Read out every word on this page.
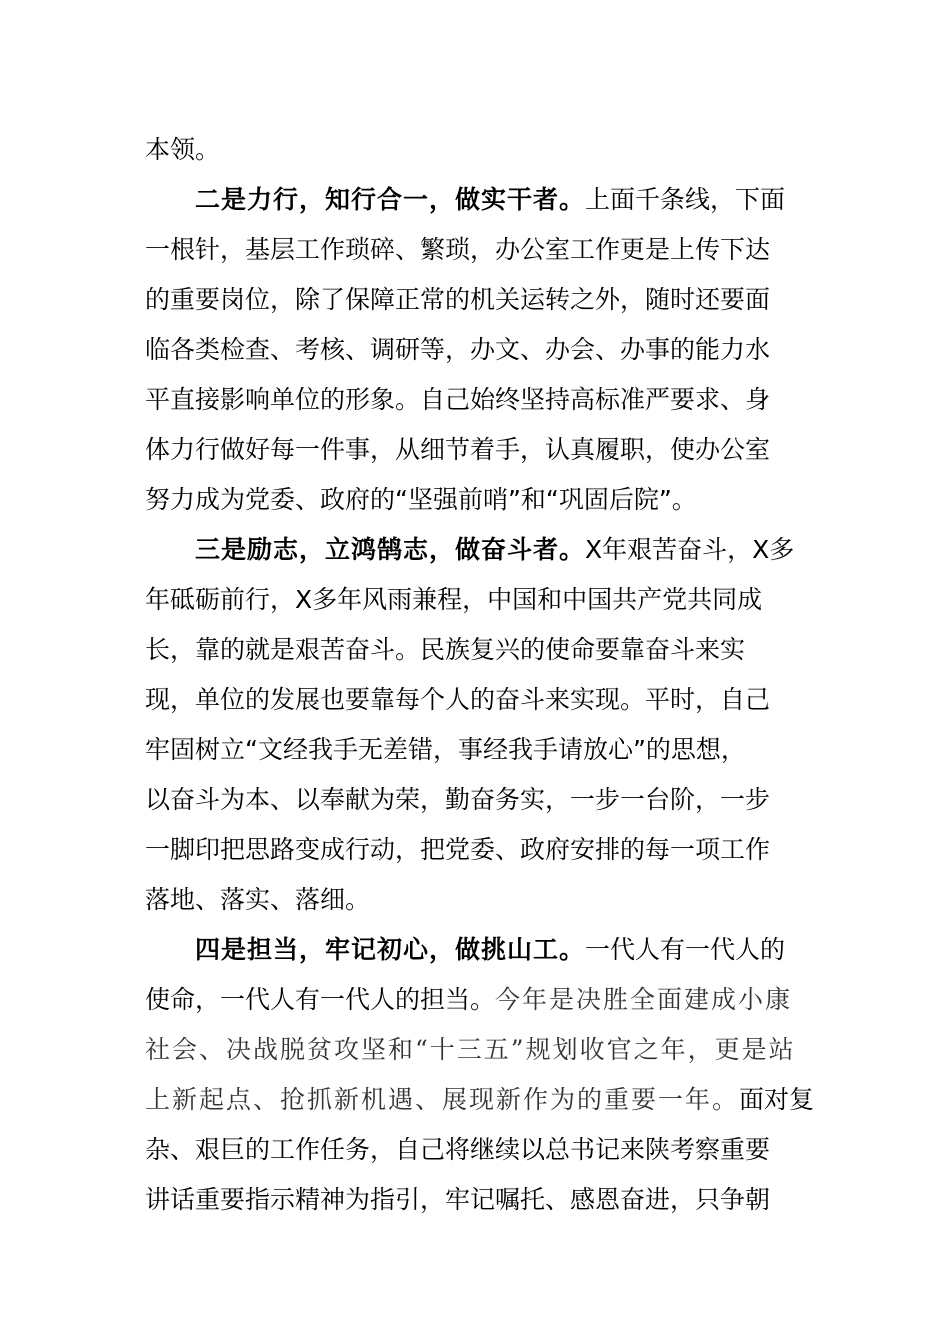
本领。
二是力行，知行合一，做实干者。上面千条线，下面
一根针，基层工作琐碎、繁琐，办公室工作更是上传下达
的重要岗位，除了保障正常的机关运转之外，随时还要面
临各类检查、考核、调研等，办文、办会、办事的能力水
平直接影响单位的形象。自己始终坚持高标准严要求、身
体力行做好每一件事，从细节着手，认真履职，使办公室
努力成为党委、政府的“坚强前哨”和“巩固后院”。
三是励志，立鸿鹄志，做奋斗者。X年艰苦奋斗，X多
年砥砺前行，X多年风雨兼程，中国和中国共产党共同成
长，靠的就是艰苦奋斗。民族复兴的使命要靠奋斗来实
现，单位的发展也要靠每个人的奋斗来实现。平时，自己
牢固树立“文经我手无差错，事经我手请放心”的思想，
以奋斗为本、以奉献为荣，勤奋务实，一步一台阶，一步
一脚印把思路变成行动，把党委、政府安排的每一项工作
落地、落实、落细。
四是担当，牢记初心，做挑山工。一代人有一代人的
使命，一代人有一代人的担当。今年是决胜全面建成小康
社会、决战脱贫攻坚和“十三五”规划收官之年，更是站
上新起点、抢抓新机遇、展现新作为的重要一年。面对复
杂、艰巨的工作任务，自己将继续以总书记来陕考察重要
讲话重要指示精神为指引，牢记嘱托、感恩奋进，只争朝
